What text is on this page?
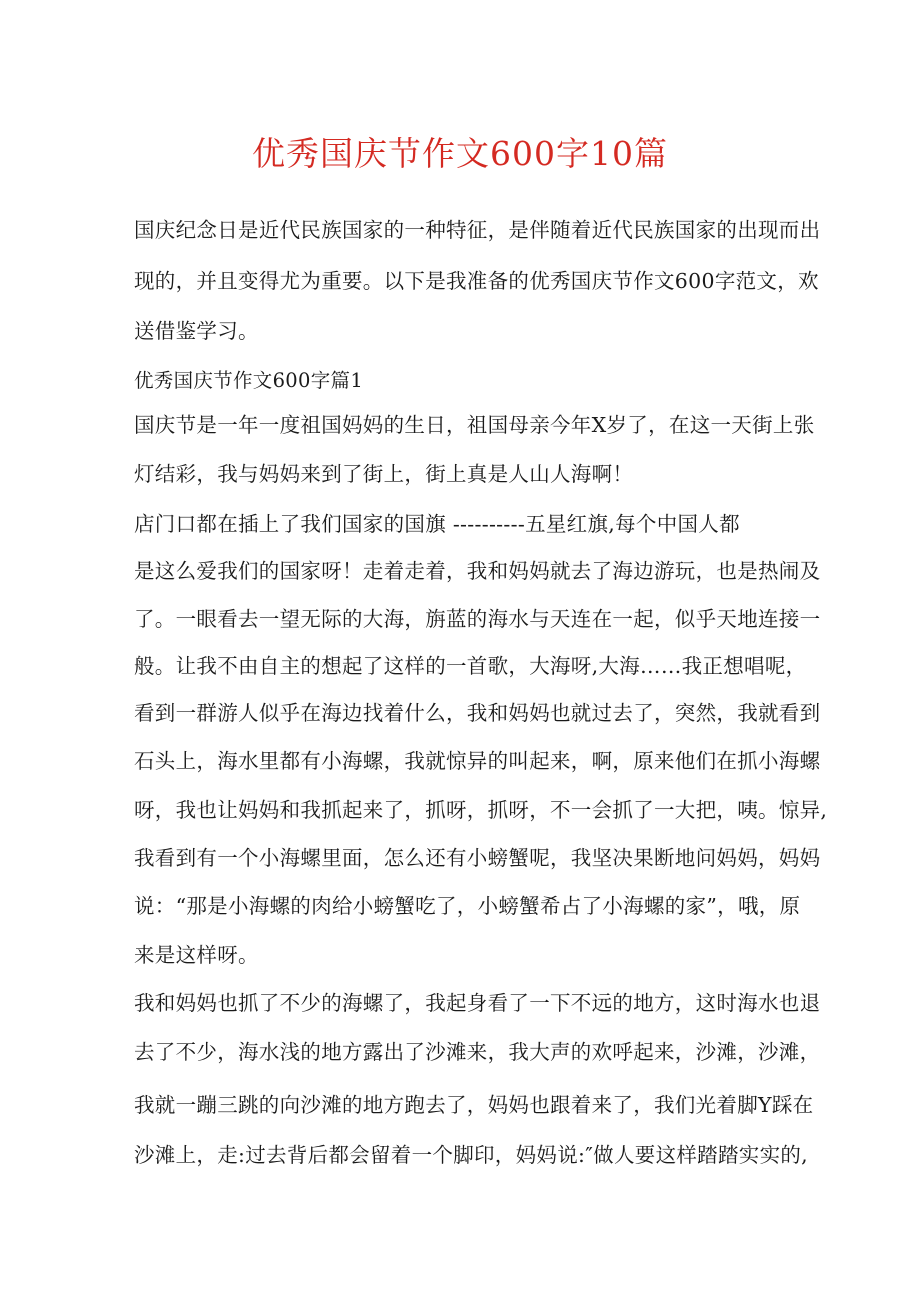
优秀国庆节作文600字10篇
国庆纪念日是近代民族国家的一种特征，是伴随着近代民族国家的出现而出
现的，并且变得尤为重要。以下是我准备的优秀国庆节作文600字范文，欢
送借鉴学习。
优秀国庆节作文600字篇1
国庆节是一年一度祖国妈妈的生日，祖国母亲今年X岁了，在这一天街上张
灯结彩，我与妈妈来到了街上，街上真是人山人海啊！
店门口都在插上了我们国家的国旗 ----------五星红旗,每个中国人都
是这么爱我们的国家呀！走着走着，我和妈妈就去了海边游玩，也是热闹及
了。一眼看去一望无际的大海，旃蓝的海水与天连在一起，似乎天地连接一
般。让我不由自主的想起了这样的一首歌，大海呀,大海……我正想唱呢，
看到一群游人似乎在海边找着什么，我和妈妈也就过去了，突然，我就看到
石头上，海水里都有小海螺，我就惊异的叫起来，啊，原来他们在抓小海螺
呀，我也让妈妈和我抓起来了，抓呀，抓呀，不一会抓了一大把，咦。惊异,
我看到有一个小海螺里面，怎么还有小螃蟹呢，我坚决果断地问妈妈，妈妈
说：“那是小海螺的肉给小螃蟹吃了，小螃蟹希占了小海螺的家”，哦，原
来是这样呀。
我和妈妈也抓了不少的海螺了，我起身看了一下不远的地方，这时海水也退
去了不少，海水浅的地方露出了沙滩来，我大声的欢呼起来，沙滩，沙滩，
我就一蹦三跳的向沙滩的地方跑去了，妈妈也跟着来了，我们光着脚Y踩在
沙滩上，走:过去背后都会留着一个脚印，妈妈说:″做人要这样踏踏实实的,
